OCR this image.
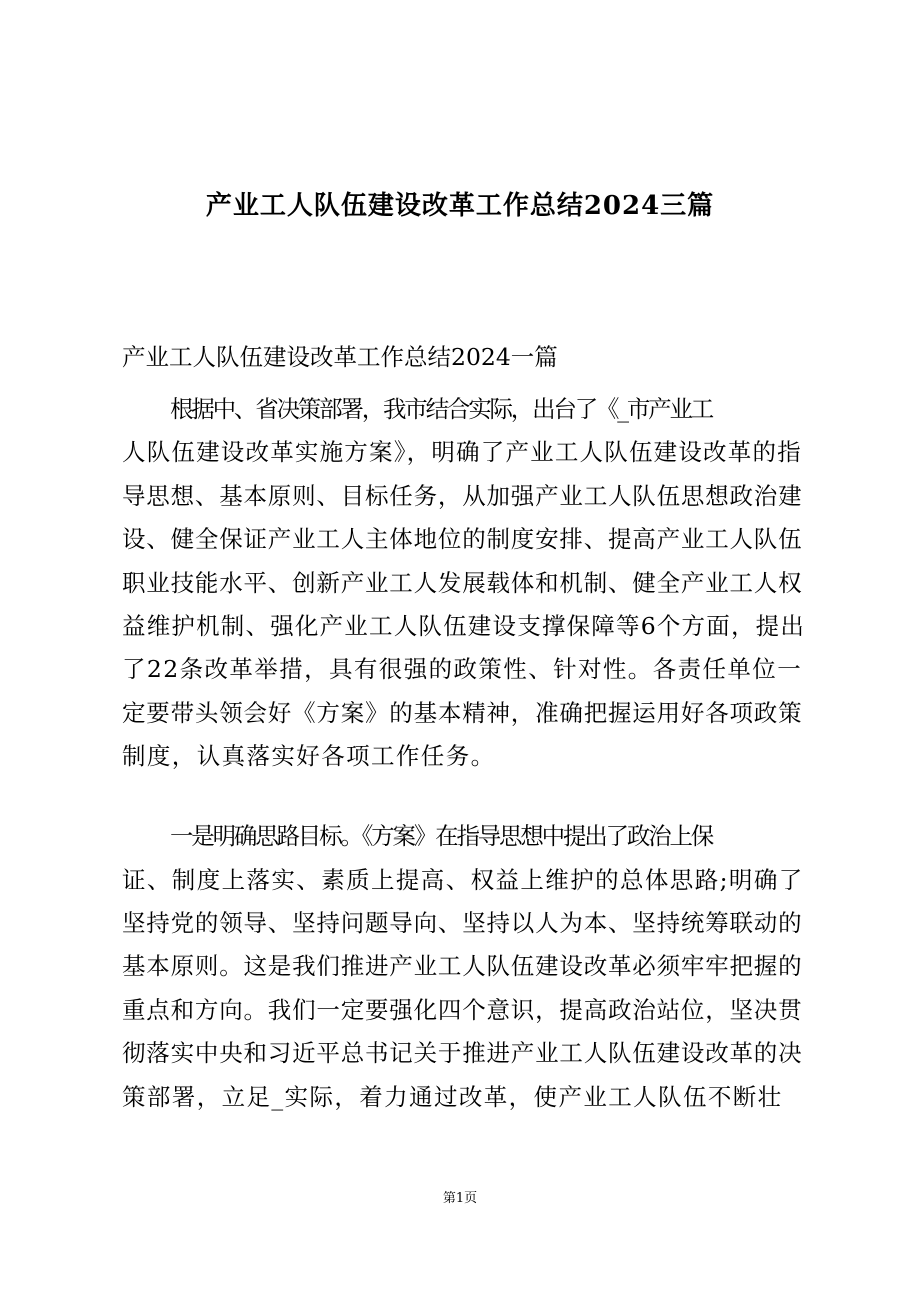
产业工人队伍建设改革工作总结2024三篇
产业工人队伍建设改革工作总结2024一篇
根据中、省决策部署，我市结合实际，出台了《_市产业工
人队伍建设改革实施方案》，明确了产业工人队伍建设改革的指
导思想、基本原则、目标任务，从加强产业工人队伍思想政治建
设、健全保证产业工人主体地位的制度安排、提高产业工人队伍
职业技能水平、创新产业工人发展载体和机制、健全产业工人权
益维护机制、强化产业工人队伍建设支撑保障等6个方面，提出
了22条改革举措，具有很强的政策性、针对性。各责任单位一
定要带头领会好《方案》的基本精神，准确把握运用好各项政策
制度，认真落实好各项工作任务。
一是明确思路目标。《方案》在指导思想中提出了政治上保
证、制度上落实、素质上提高、权益上维护的总体思路;明确了
坚持党的领导、坚持问题导向、坚持以人为本、坚持统筹联动的
基本原则。这是我们推进产业工人队伍建设改革必须牢牢把握的
重点和方向。我们一定要强化四个意识，提高政治站位，坚决贯
彻落实中央和习近平总书记关于推进产业工人队伍建设改革的决
策部署，立足_实际，着力通过改革，使产业工人队伍不断壮
第1页
